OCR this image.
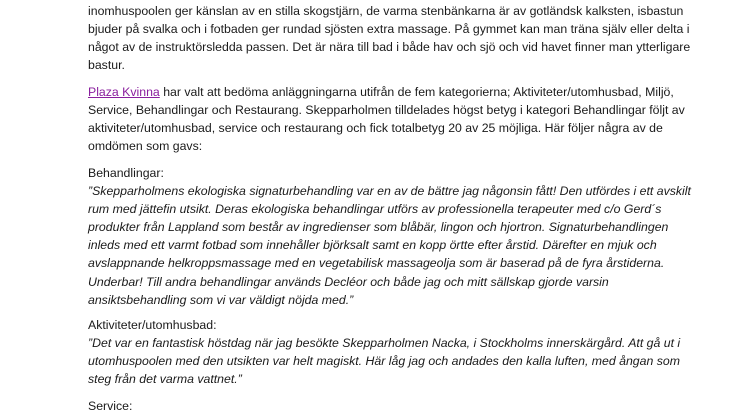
inomhuspoolen ger känslan av en stilla skogstjärn, de varma stenbänkarna är av gotländsk kalksten, isbastun
bjuder på svalka och i fotbaden ger rundad sjösten extra massage. På gymmet kan man träna själv eller delta i
något av de instruktörsledda passen. Det är nära till bad i både hav och sjö och vid havet finner man ytterligare
bastur.
Plaza Kvinna har valt att bedöma anläggningarna utifrån de fem kategorierna; Aktiviteter/utomhusbad, Miljö,
Service, Behandlingar och Restaurang. Skepparholmen tilldelades högst betyg i kategori Behandlingar följt av
aktiviteter/utomhusbad, service och restaurang och fick totalbetyg 20 av 25 möjliga. Här följer några av de
omdömen som gavs:
Behandlingar:
”Skepparholmens ekologiska signaturbehandling var en av de bättre jag någonsin fått! Den utfördes i ett avskilt
rum med jättefin utsikt. Deras ekologiska behandlingar utförs av professionella terapeuter med c/o Gerd´s
produkter från Lappland som består av ingredienser som blåbär, lingon och hjortron. Signaturbehandlingen
inleds med ett varmt fotbad som innehåller björksalt samt en kopp örtte efter årstid. Därefter en mjuk och
avslappnande helkroppsmassage med en vegetabilisk massageolja som är baserad på de fyra årstiderna.
Underbar! Till andra behandlingar används Decléor och både jag och mitt sällskap gjorde varsin
ansiktsbehandling som vi var väldigt nöjda med.”
Aktiviteter/utomhusbad:
”Det var en fantastisk höstdag när jag besökte Skepparholmen Nacka, i Stockholms innerskärgård. Att gå ut i
utomhuspoolen med den utsikten var helt magiskt. Här låg jag och andades den kalla luften, med ångan som
steg från det varma vattnet.”
Service:
